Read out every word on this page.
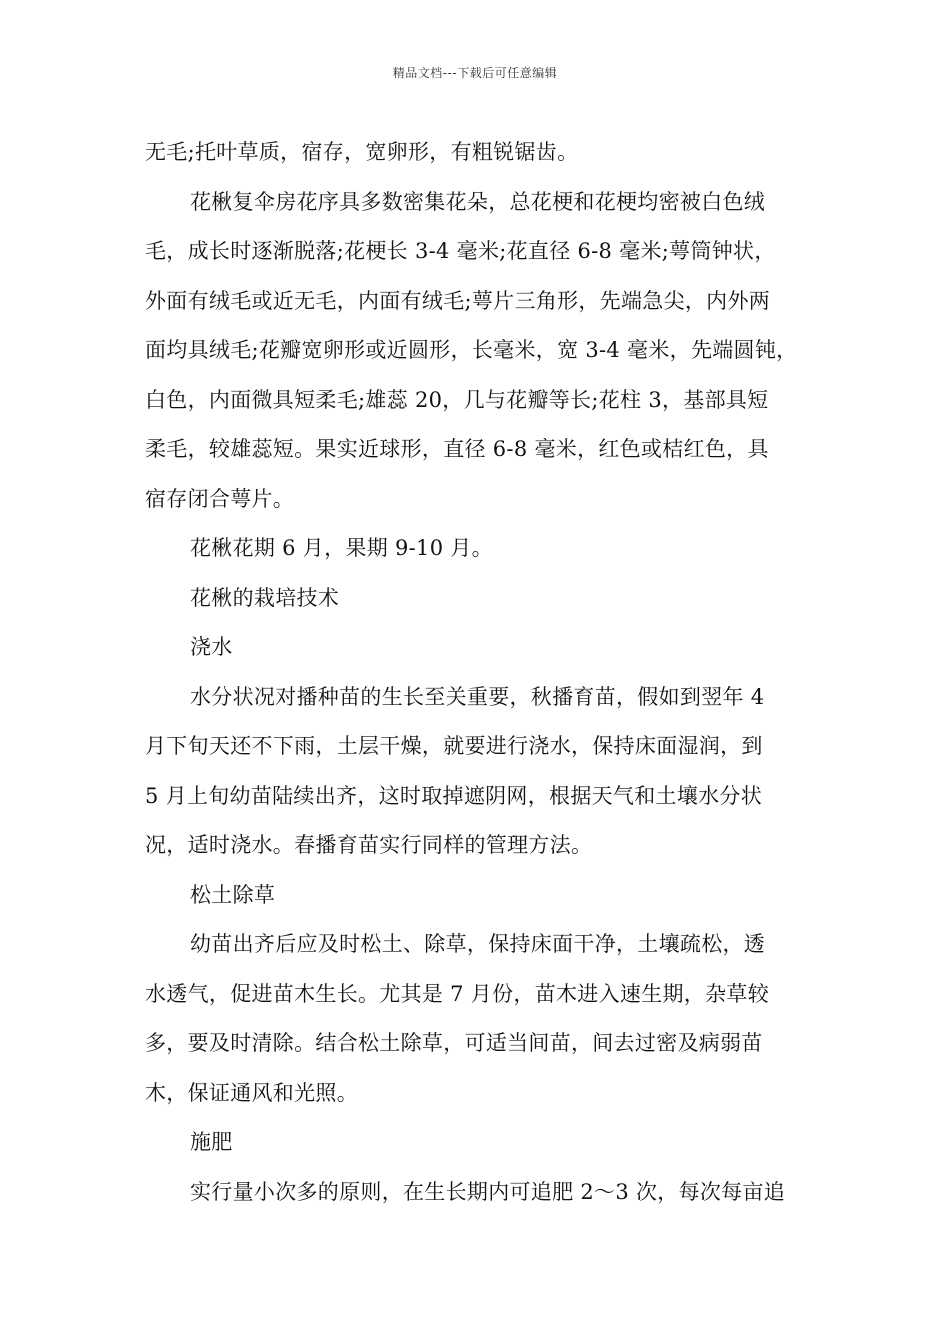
精品文档---下载后可任意编辑
无毛;托叶草质，宿存，宽卵形，有粗锐锯齿。
花楸复伞房花序具多数密集花朵，总花梗和花梗均密被白色绒
毛，成长时逐渐脱落;花梗长 3-4 毫米;花直径 6-8 毫米;萼筒钟状，
外面有绒毛或近无毛，内面有绒毛;萼片三角形，先端急尖，内外两
面均具绒毛;花瓣宽卵形或近圆形，长毫米，宽 3-4 毫米，先端圆钝，
白色，内面微具短柔毛;雄蕊 20，几与花瓣等长;花柱 3，基部具短
柔毛，较雄蕊短。果实近球形，直径 6-8 毫米，红色或桔红色，具
宿存闭合萼片。
花楸花期 6 月，果期 9-10 月。
花楸的栽培技术
浇水
水分状况对播种苗的生长至关重要，秋播育苗，假如到翌年 4
月下旬天还不下雨，土层干燥，就要进行浇水，保持床面湿润，到
5 月上旬幼苗陆续出齐，这时取掉遮阴网，根据天气和土壤水分状
况，适时浇水。春播育苗实行同样的管理方法。
松土除草
幼苗出齐后应及时松土、除草，保持床面干净，土壤疏松，透
水透气，促进苗木生长。尤其是 7 月份，苗木进入速生期，杂草较
多，要及时清除。结合松土除草，可适当间苗，间去过密及病弱苗
木，保证通风和光照。
施肥
实行量小次多的原则，在生长期内可追肥 2～3 次，每次每亩追
